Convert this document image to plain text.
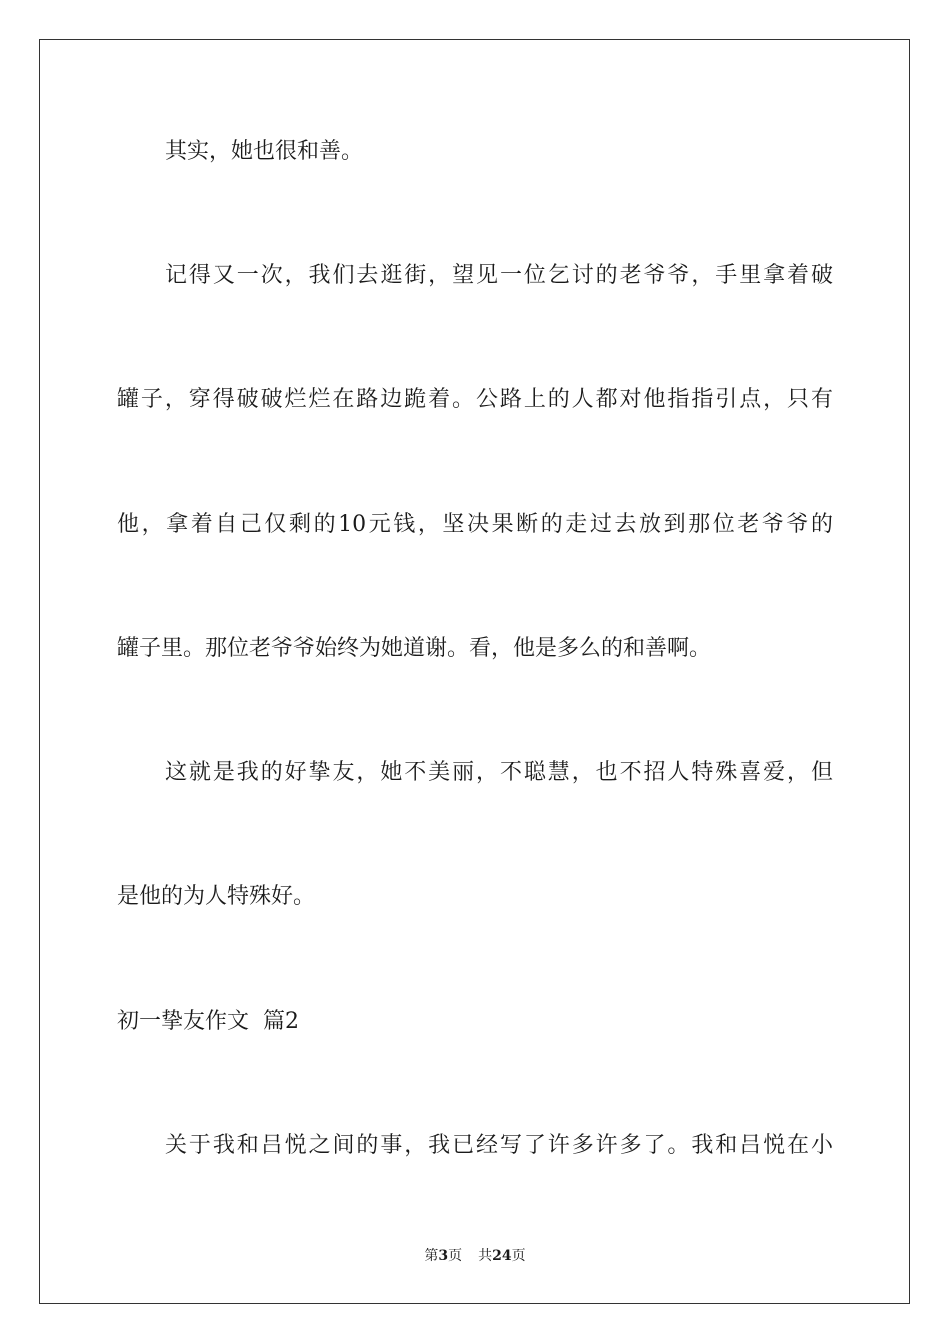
其实，她也很和善。

记得又一次，我们去逛街，望见一位乞讨的老爷爷，手里拿着破

罐子，穿得破破烂烂在路边跪着。公路上的人都对他指指引点，只有

他，拿着自己仅剩的10元钱，坚决果断的走过去放到那位老爷爷的

罐子里。那位老爷爷始终为她道谢。看，他是多么的和善啊。

这就是我的好挚友，她不美丽，不聪慧，也不招人特殊喜爱，但

是他的为人特殊好。

初一挚友作文  篇2

关于我和吕悦之间的事，我已经写了许多许多了。我和吕悦在小

第3页 共24页
